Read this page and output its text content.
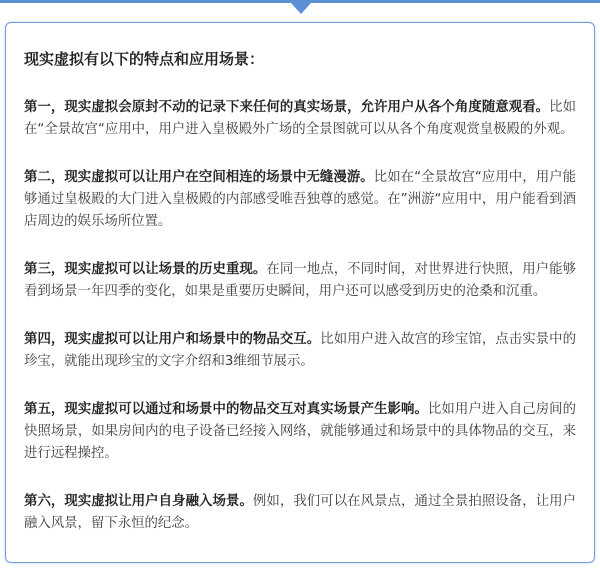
现实虚拟有以下的特点和应用场景：

第一，现实虚拟会原封不动的记录下来任何的真实场景，允许用户从各个角度随意观看。比如在“全景故宫“应用中，用户进入皇极殿外广场的全景图就可以从各个角度观赏皇极殿的外观。

第二，现实虚拟可以让用户在空间相连的场景中无缝漫游。比如在“全景故宫“应用中，用户能够通过皇极殿的大门进入皇极殿的内部感受唯吾独尊的感觉。在”洲游“应用中，用户能看到酒店周边的娱乐场所位置。

第三，现实虚拟可以让场景的历史重现。在同一地点，不同时间，对世界进行快照，用户能够看到场景一年四季的变化，如果是重要历史瞬间，用户还可以感受到历史的沧桑和沉重。

第四，现实虚拟可以让用户和场景中的物品交互。比如用户进入故宫的珍宝馆，点击实景中的珍宝，就能出现珍宝的文字介绍和3维细节展示。

第五，现实虚拟可以通过和场景中的物品交互对真实场景产生影响。比如用户进入自己房间的快照场景，如果房间内的电子设备已经接入网络，就能够通过和场景中的具体物品的交互，来进行远程操控。

第六，现实虚拟让用户自身融入场景。例如，我们可以在风景点，通过全景拍照设备，让用户融入风景，留下永恒的纪念。
